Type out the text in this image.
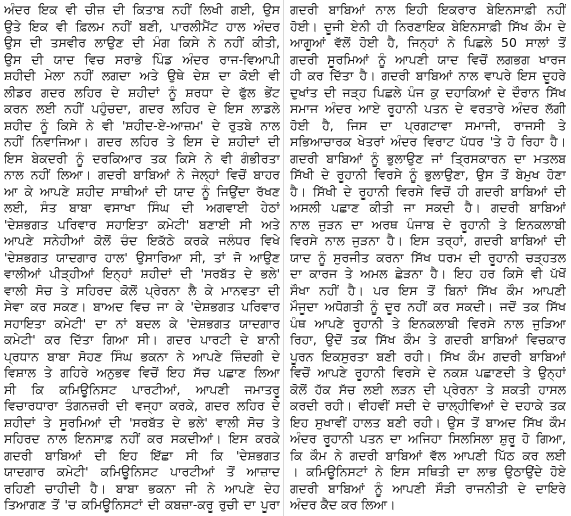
ਅੰਦਰ ਇਕ ਵੀ ਚੀਜ਼ ਦੀ ਕਿਤਾਬ ਨਹੀਂ ਲਿਖੀ ਗਈ, ਉਸ
ਉਤੇ ਇਕ ਵੀ ਫ਼ਿਲਮ ਨਹੀਂ ਬਣੀ, ਪਾਰਲੀਮੈਂਟ ਹਾਲ ਅੰਦਰ
ਉਸ ਦੀ ਤਸਵੀਰ ਲਾਉਣ ਦੀ ਮੰਗ ਕਿਸੇ ਨੇ ਨਹੀਂ ਕੀਤੀ,
ਉਸ ਦੀ ਯਾਦ ਵਿਚ ਸਰਾਭੇ ਪਿੰਡ ਅੰਦਰ ਰਾਜ-ਵਿਆਪੀ
ਸ਼ਹੀਦੀ ਮੇਲਾ ਨਹੀਂ ਲਗਦਾ ਅਤੇ ਉਥੇ ਦੇਸ਼ ਦਾ ਕੋਈ ਵੀ
ਲੀਡਰ ਗਦਰ ਲਹਿਰ ਦੇ ਸ਼ਹੀਦਾਂ ਨੂੰ ਸ਼ਰਧਾ ਦੇ ਫੁੱਲ ਭੇਂਟ
ਕਰਨ ਲਈ ਨਹੀਂ ਪਹੁੰਚਦਾ, ਗਦਰ ਲਹਿਰ ਦੇ ਇਸ ਲਾਡਲੇ
ਸ਼ਹੀਦ ਨੂੰ ਕਿਸੇ ਨੇ ਵੀ 'ਸ਼ਹੀਦ-ਏ-ਆਜ਼ਮ' ਦੇ ਰੁਤਬੇ ਨਾਲ
ਨਹੀਂ ਨਿਵਾਜਿਆ। ਗਦਰ ਲਹਿਰ ਤੇ ਇਸ ਦੇ ਸ਼ਹੀਦਾਂ ਦੀ
ਇਸ ਬੇਕਦਰੀ ਨੂੰ ਦਰਕਿਆਰ ਤਕ ਕਿਸੇ ਨੇ ਵੀ ਗੰਭੀਰਤਾ
ਨਾਲ ਨਹੀਂ ਲਿਆ। ਗਦਰੀ ਬਾਬਿਆਂ ਨੇ ਜੇਲ੍ਹਾਂ ਵਿਚੋਂ ਬਾਹਰ
ਆ ਕੇ ਆਪਣੇ ਸ਼ਹੀਦ ਸਾਥੀਆਂ ਦੀ ਯਾਦ ਨੂੰ ਜਿਉਂਦਾ ਰੱਖਣ
ਲਈ, ਸੰਤ ਬਾਬਾ ਵਸਾਖਾ ਸਿੰਘ ਦੀ ਅਗਵਾਈ ਹੇਠਾਂ
'ਦੇਸ਼ਭਗਤ ਪਰਿਵਾਰ ਸਹਾਇਤਾ ਕਮੇਟੀ' ਬਣਾਈ ਸੀ ਅਤੇ
ਆਪਣੇ ਸਨੇਹੀਆਂ ਕੋਲੋਂ ਚੰਦ ਇਕੱਠੇ ਕਰਕੇ ਜਲੰਧਰ ਵਿਖੇ
'ਦੇਸ਼ਭਗਤ ਯਾਦਗਾਰ ਹਾਲ' ਉਸਾਰਿਆ ਸੀ, ਤਾਂ ਜੋ ਆਉਣ
ਵਾਲੀਆਂ ਪੀੜ੍ਹੀਆਂ ਇਨ੍ਹਾਂ ਸ਼ਹੀਦਾਂ ਦੀ 'ਸਰਬੱਤ ਦੇ ਭਲੇ'
ਵਾਲੀ ਸੋਚ ਤੇ ਸਹਿਰਦ ਕੋਲੋਂ ਪ੍ਰੇਰਨਾ ਲੈ ਕੇ ਮਾਨਵਤਾ ਦੀ
ਸੇਵਾ ਕਰ ਸਕਣ। ਬਾਅਦ ਵਿਚ ਜਾ ਕੇ 'ਦੇਸ਼ਭਗਤ ਪਰਿਵਾਰ
ਸਹਾਇਤਾ ਕਮੇਟੀ' ਦਾ ਨਾਂ ਬਦਲ ਕੇ 'ਦੇਸ਼ਭਗਤ ਯਾਦਗਾਰ
ਕਮੇਟੀ' ਕਰ ਦਿੱਤਾ ਗਿਆ ਸੀ। ਗਦਰ ਪਾਰਟੀ ਦੇ ਬਾਨੀ
ਪ੍ਰਧਾਨ ਬਾਬਾ ਸੋਹਣ ਸਿੰਘ ਭਕਨਾ ਨੇ ਆਪਣੇ ਜ਼ਿੰਦਗੀ ਦੇ
ਵਿਸ਼ਾਲ ਤੇ ਗਹਿਰੇ ਅਨੁਭਵ ਵਿਚੋਂ ਇਹ ਸੱਚ ਪਛਾਣ ਲਿਆ
ਸੀ ਕਿ ਕਮਿਊਨਿਸਟ ਪਾਰਟੀਆਂ, ਆਪਣੀ ਜਮਾਤਰੂ
ਵਿਚਾਰਧਾਰਾ ਤੰਗਨਜ਼ਰੀ ਦੀ ਵਜ੍ਹਾ ਕਰਕੇ, ਗਦਰ ਲਹਿਰ ਦੇ
ਸ਼ਹੀਦਾਂ ਤੇ ਸੂਰਮਿਆਂ ਦੀ 'ਸਰਬੱਤ ਦੇ ਭਲੇ' ਵਾਲੀ ਸੋਚ ਤੇ
ਸਹਿਰਦ ਨਾਲ ਇਨਸਾਫ਼ ਨਹੀਂ ਕਰ ਸਕਦੀਆਂ। ਇਸ ਕਰਕੇ
ਗਦਰੀ ਬਾਬਿਆਂ ਦੀ ਇਹ ਇੱਛਾ ਸੀ ਕਿ 'ਦੇਸ਼ਭਗਤ
ਯਾਦਗਾਰ ਕਮੇਟੀ' ਕਮਿਊਨਿਸਟ ਪਾਰਟੀਆਂ ਤੋਂ ਆਜ਼ਾਦ
ਰਹਿਣੀ ਚਾਹੀਦੀ ਹੈ। ਬਾਬਾ ਭਕਨਾ ਜੀ ਨੇ ਆਪਣੇ ਦੇਹ
ਤਿਆਗਣ ਤੋਂ 'ਚ ਕਮਿਊਨਿਸਟਾਂ ਦੀ ਕਬਜ਼ਾ-ਕਰੂ ਰੁਚੀ ਦਾ ਪੂਰਾ
ਗਦਰੀ ਬਾਬਿਆਂ ਨਾਲ ਇਹੀ ਇਕਰਾਰ ਬੇਇਨਸਾਫ਼ੀ ਨਹੀਂ
ਹੋਈ। ਦੂਜੀ ਏਨੀ ਹੀ ਨਿਰਣਾਇਕ ਬੇਇਨਸਾਫ਼ੀ ਸਿੱਖ ਕੌਮ ਦੇ
ਆਗੂਆਂ ਵੱਲੋਂ ਹੋਈ ਹੈ, ਜਿਨ੍ਹਾਂ ਨੇ ਪਿਛਲੇ 50 ਸਾਲਾਂ ਤੋਂ
ਗਦਰੀ ਸੂਰਮਿਆਂ ਨੂੰ ਆਪਣੀ ਯਾਦ ਵਿਚੋਂ ਲਗਭਗ ਖਾਰਜ
ਹੀ ਕਰ ਦਿੱਤਾ ਹੈ। ਗਦਰੀ ਬਾਬਿਆਂ ਨਾਲ ਵਾਪਰੇ ਇਸ ਦੂਹਰੇ
ਦੁਖਾਂਤ ਦੀ ਜੜ੍ਹ ਪਿਛਲੇ ਪੰਜ ਕੁ ਦਹਾਕਿਆਂ ਦੇ ਦੌਰਾਨ ਸਿੱਖ
ਸਮਾਜ ਅੰਦਰ ਆਏ ਰੂਹਾਨੀ ਪਤਨ ਦੇ ਵਰਤਾਰੇ ਅੰਦਰ ਲੱਗੀ
ਹੋਈ ਹੈ, ਜਿਸ ਦਾ ਪ੍ਰਗਟਾਵਾ ਸਮਾਜੀ, ਰਾਜਸੀ ਤੇ
ਸਭਿਆਚਾਰਕ ਖੇਤਰਾਂ ਅੰਦਰ ਵਿਰਾਟ ਪੱਧਰ 'ਤੇ ਹੋ ਰਿਹਾ ਹੈ।
ਗਦਰੀ ਬਾਬਿਆਂ ਨੂੰ ਭੁਲਾਉਣ ਜਾਂ ਤ੍ਰਿਸਕਾਰਨ ਦਾ ਮਤਲਬ
ਸਿੱਖੀ ਦੇ ਰੂਹਾਨੀ ਵਿਰਸੇ ਨੂੰ ਭੁਲਾਉਣਾ, ਉਸ ਤੋਂ ਬੇਮੁਖ ਹੋਣਾ
ਹੈ। ਸਿੱਖੀ ਦੇ ਰੂਹਾਨੀ ਵਿਰਸੇ ਵਿਚੋਂ ਹੀ ਗਦਰੀ ਬਾਬਿਆਂ ਦੀ
ਅਸਲੀ ਪਛਾਣ ਕੀਤੀ ਜਾ ਸਕਦੀ ਹੈ। ਗਦਰੀ ਬਾਬਿਆਂ
ਨਾਲ ਜੁੜਨ ਦਾ ਅਰਥ ਪੰਜਾਬ ਦੇ ਰੂਹਾਨੀ ਤੇ ਇਨਕਲਾਬੀ
ਵਿਰਸੇ ਨਾਲ ਜੁੜਨਾ ਹੈ। ਇਸ ਤਰ੍ਹਾਂ, ਗਦਰੀ ਬਾਬਿਆਂ ਦੀ
ਯਾਦ ਨੂੰ ਸੁਰਜੀਤ ਕਰਨਾ ਸਿੱਖ ਧਰਮ ਦੀ ਰੂਹਾਨੀ ਚੜ੍ਹਤਲ
ਦਾ ਕਾਰਜ ਤੇ ਅਮਲ ਛੇੜਨਾ ਹੈ। ਇਹ ਹਰ ਕਿਸੇ ਵੀ ਪੱਖੋਂ
ਸੌਖਾ ਨਹੀਂ ਹੈ। ਪਰ ਇਸ ਤੋਂ ਬਿਨਾਂ ਸਿੱਖ ਕੌਮ ਆਪਣੀ
ਮੌਜੂਦਾ ਅਧੋਗਤੀ ਨੂੰ ਦੂਰ ਨਹੀਂ ਕਰ ਸਕਦੀ। ਜਦੋਂ ਤਕ ਸਿੱਖ
ਪੰਥ ਆਪਣੇ ਰੂਹਾਨੀ ਤੇ ਇਨਕਲਾਬੀ ਵਿਰਸੇ ਨਾਲ ਜੁੜਿਆ
ਰਿਹਾ, ਉਦੋਂ ਤਕ ਸਿੱਖ ਕੌਮ ਤੇ ਗਦਰੀ ਬਾਬਿਆਂ ਵਿਚਕਾਰ
ਪੂਰਨ ਇਕਸੁਰਤਾ ਬਣੀ ਰਹੀ। ਸਿੱਖ ਕੌਮ ਗਦਰੀ ਬਾਬਿਆਂ
ਵਿਚੋਂ ਆਪਣੇ ਰੂਹਾਨੀ ਵਿਰਸੇ ਦੇ ਨਕਸ਼ ਪਛਾਣਦੀ ਤੇ ਉਨ੍ਹਾਂ
ਕੋਲੋਂ ਹੱਕ ਸੱਚ ਲਈ ਲੜਨ ਦੀ ਪ੍ਰੇਰਨਾ ਤੇ ਸ਼ਕਤੀ ਹਾਸਲ
ਕਰਦੀ ਰਹੀ। ਵੀਹਵੀਂ ਸਦੀ ਦੇ ਚਾਲ੍ਹੀਵਿਆਂ ਦੇ ਦਹਾਕੇ ਤਕ
ਇਹ ਸੁਖਾਵੀਂ ਹਾਲਤ ਬਣੀ ਰਹੀ। ਉਸ ਤੋਂ ਬਾਅਦ ਸਿੱਖ ਕੌਮ
ਅੰਦਰ ਰੂਹਾਨੀ ਪਤਨ ਦਾ ਅਜਿਹਾ ਸਿਲਸਿਲਾ ਸ਼ੁਰੂ ਹੋ ਗਿਆ,
ਕਿ ਕੌਮ ਨੇ ਗਦਰੀ ਬਾਬਿਆਂ ਵੱਲ ਆਪਣੀ ਪਿੱਠ ਕਰ ਲਈ
। ਕਮਿਊਨਿਸਟਾਂ ਨੇ ਇਸ ਸਥਿਤੀ ਦਾ ਲਾਭ ਉਠਾਉਂਦੇ ਹੋਏ
ਗਦਰੀ ਬਾਬਿਆਂ ਨੂੰ ਆਪਣੀ ਸੌੜੀ ਰਾਜਨੀਤੀ ਦੇ ਦਾਇਰੇ
ਅੰਦਰ ਕੈਦ ਕਰ ਲਿਆ।
